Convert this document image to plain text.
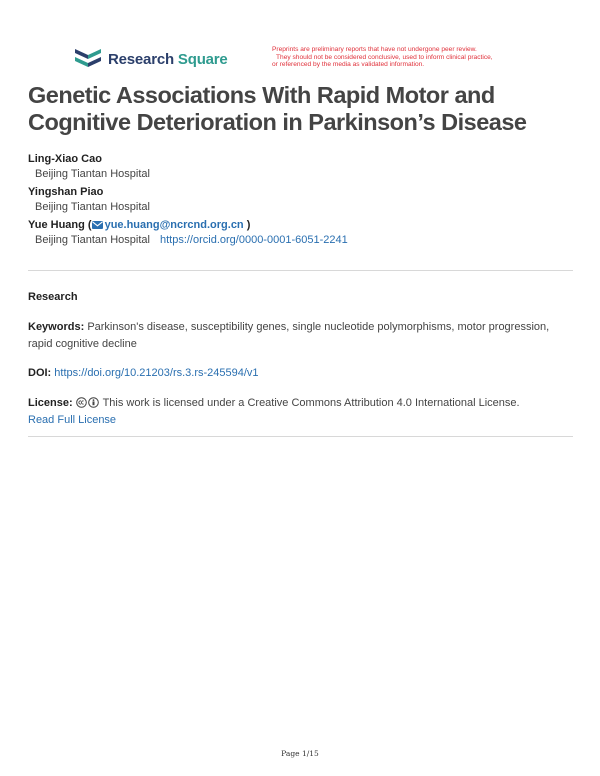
Research Square
Preprints are preliminary reports that have not undergone peer review.
They should not be considered conclusive, used to inform clinical practice,
or referenced by the media as validated information.
Genetic Associations With Rapid Motor and
Cognitive Deterioration in Parkinson’s Disease
Ling-Xiao Cao
Beijing Tiantan Hospital
Yingshan Piao
Beijing Tiantan Hospital
Yue Huang ( yue.huang@ncrcnd.org.cn )
Beijing Tiantan Hospital https://orcid.org/0000-0001-6051-2241
Research
Keywords: Parkinson's disease, susceptibility genes, single nucleotide polymorphisms, motor progression, rapid cognitive decline
DOI: https://doi.org/10.21203/rs.3.rs-245594/v1
License:	This work is licensed under a Creative Commons Attribution 4.0 International License.
Read Full License
Page 1/15
